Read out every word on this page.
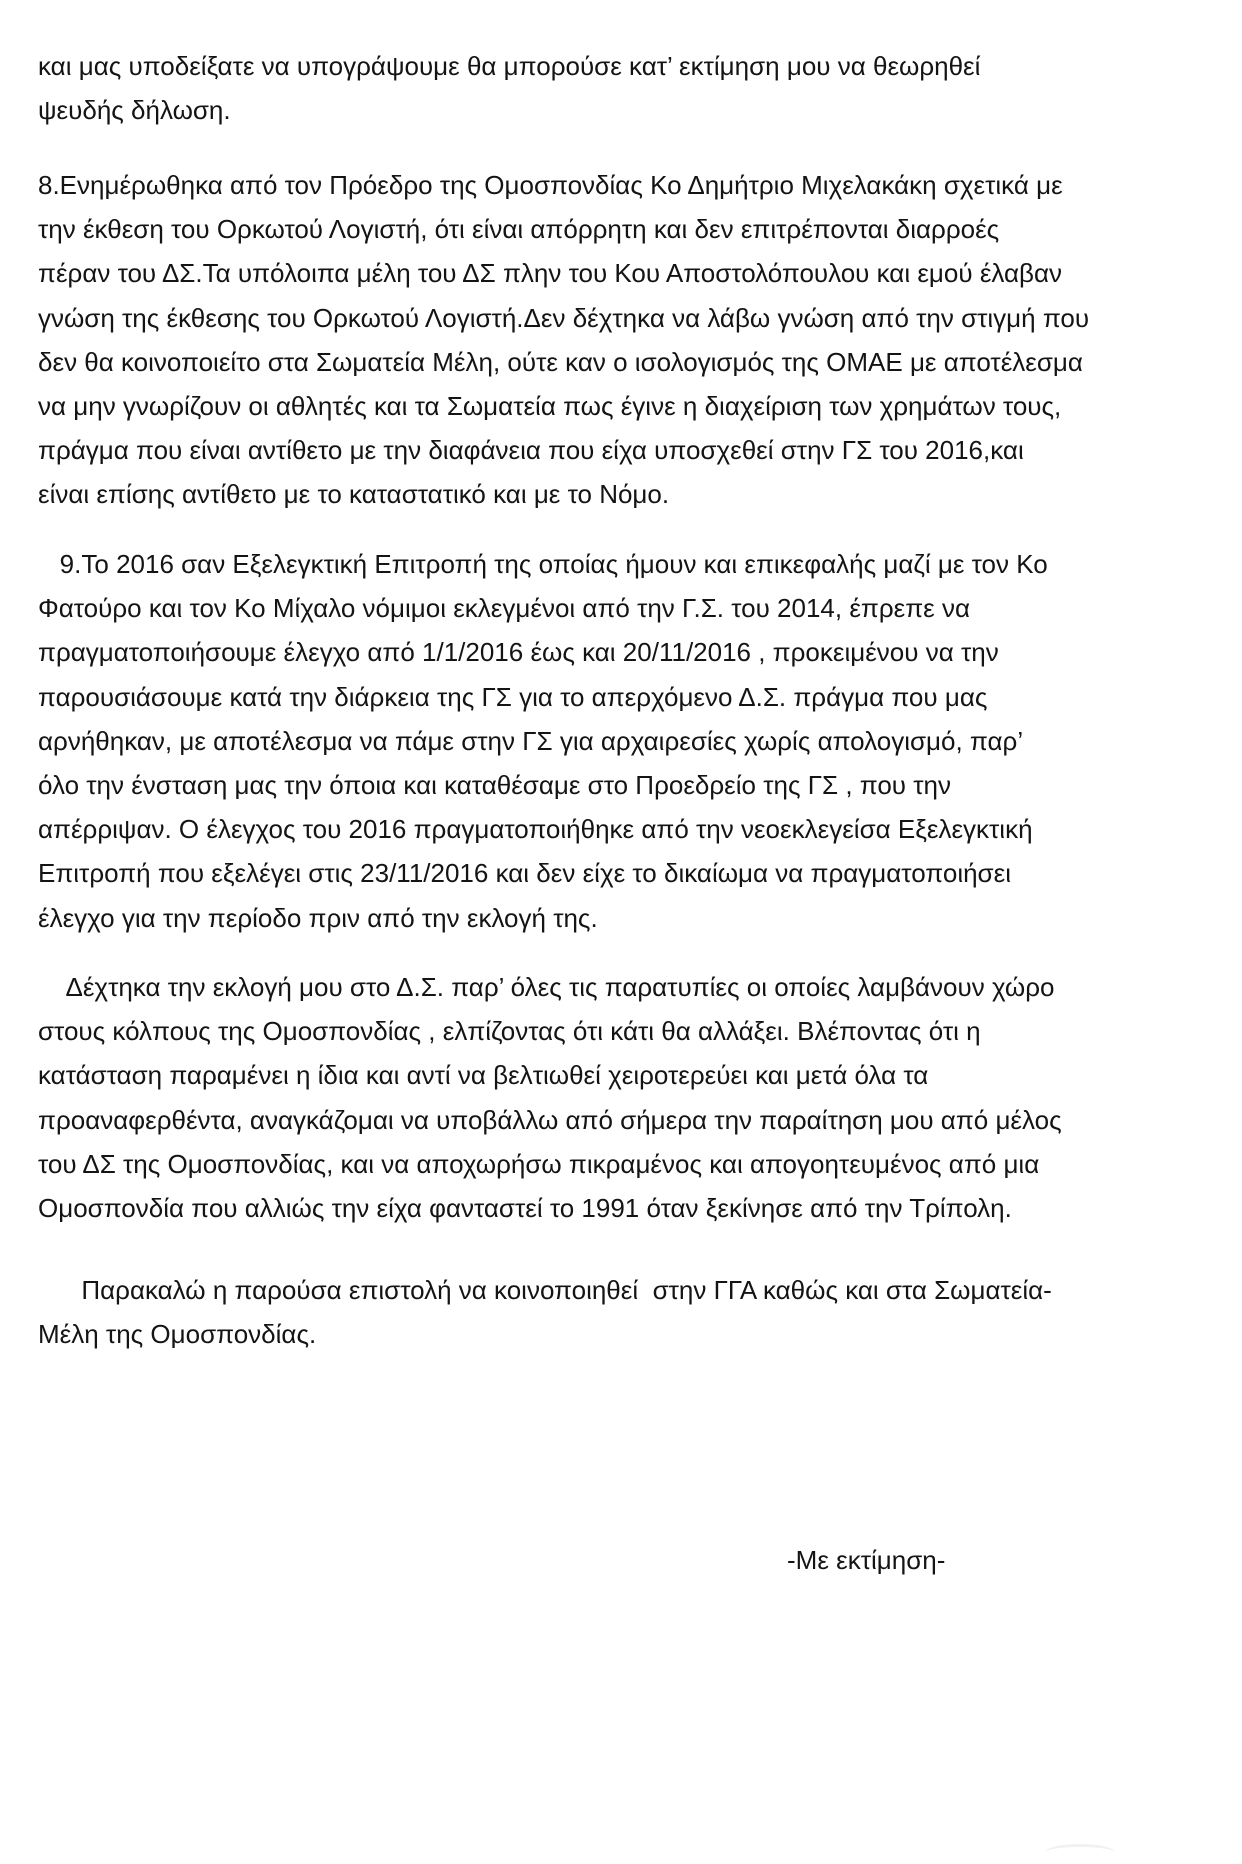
και μας υποδείξατε να υπογράψουμε θα μπορούσε κατ’ εκτίμηση μου να θεωρηθεί
ψευδής δήλωση.
8.Ενημέρωθηκα από τον Πρόεδρο της Ομοσπονδίας Κο Δημήτριο Μιχελακάκη σχετικά με
την έκθεση του Ορκωτού Λογιστή, ότι είναι απόρρητη και δεν επιτρέπονται διαρροές
πέραν του ΔΣ.Τα υπόλοιπα μέλη του ΔΣ πλην του Κου Αποστολόπουλου και εμού έλαβαν
γνώση της έκθεσης του Ορκωτού Λογιστή.Δεν δέχτηκα να λάβω γνώση από την στιγμή που
δεν θα κοινοποιείτο στα Σωματεία Μέλη, ούτε καν ο ισολογισμός της ΟΜΑΕ με αποτέλεσμα
να μην γνωρίζουν οι αθλητές και τα Σωματεία πως έγινε η διαχείριση των χρημάτων τους,
πράγμα που είναι αντίθετο με την διαφάνεια που είχα υποσχεθεί στην ΓΣ του 2016,και
είναι επίσης αντίθετο με το καταστατικό και με το Νόμο.
9.Το 2016 σαν Εξελεγκτική Επιτροπή της οποίας ήμουν και επικεφαλής μαζί με τον Κο
Φατούρο και τον Κο Μίχαλο νόμιμοι εκλεγμένοι από την Γ.Σ. του 2014, έπρεπε να
πραγματοποιήσουμε έλεγχο από 1/1/2016 έως και 20/11/2016 , προκειμένου να την
παρουσιάσουμε κατά την διάρκεια της ΓΣ για το απερχόμενο Δ.Σ. πράγμα που μας
αρνήθηκαν, με αποτέλεσμα να πάμε στην ΓΣ για αρχαιρεσίες χωρίς απολογισμό, παρ’
όλο την ένσταση μας την όποια και καταθέσαμε στο Προεδρείο της ΓΣ , που την
απέρριψαν. Ο έλεγχος του 2016 πραγματοποιήθηκε από την νεοεκλεγείσα Εξελεγκτική
Επιτροπή που εξελέγει στις 23/11/2016 και δεν είχε το δικαίωμα να πραγματοποιήσει
έλεγχο για την περίοδο πριν από την εκλογή της.
Δέχτηκα την εκλογή μου στο Δ.Σ. παρ’ όλες τις παρατυπίες οι οποίες λαμβάνουν χώρο
στους κόλπους της Ομοσπονδίας , ελπίζοντας ότι κάτι θα αλλάξει. Βλέποντας ότι η
κατάσταση παραμένει η ίδια και αντί να βελτιωθεί χειροτερεύει και μετά όλα τα
προαναφερθέντα, αναγκάζομαι να υποβάλλω από σήμερα την παραίτηση μου από μέλος
του ΔΣ της Ομοσπονδίας, και να αποχωρήσω πικραμένος και απογοητευμένος από μια
Ομοσπονδία που αλλιώς την είχα φανταστεί το 1991 όταν ξεκίνησε από την Τρίπολη.
Παρακαλώ η παρούσα επιστολή να κοινοποιηθεί  στην ΓΓΑ καθώς και στα Σωματεία-
Μέλη της Ομοσπονδίας.
-Με εκτίμηση-
